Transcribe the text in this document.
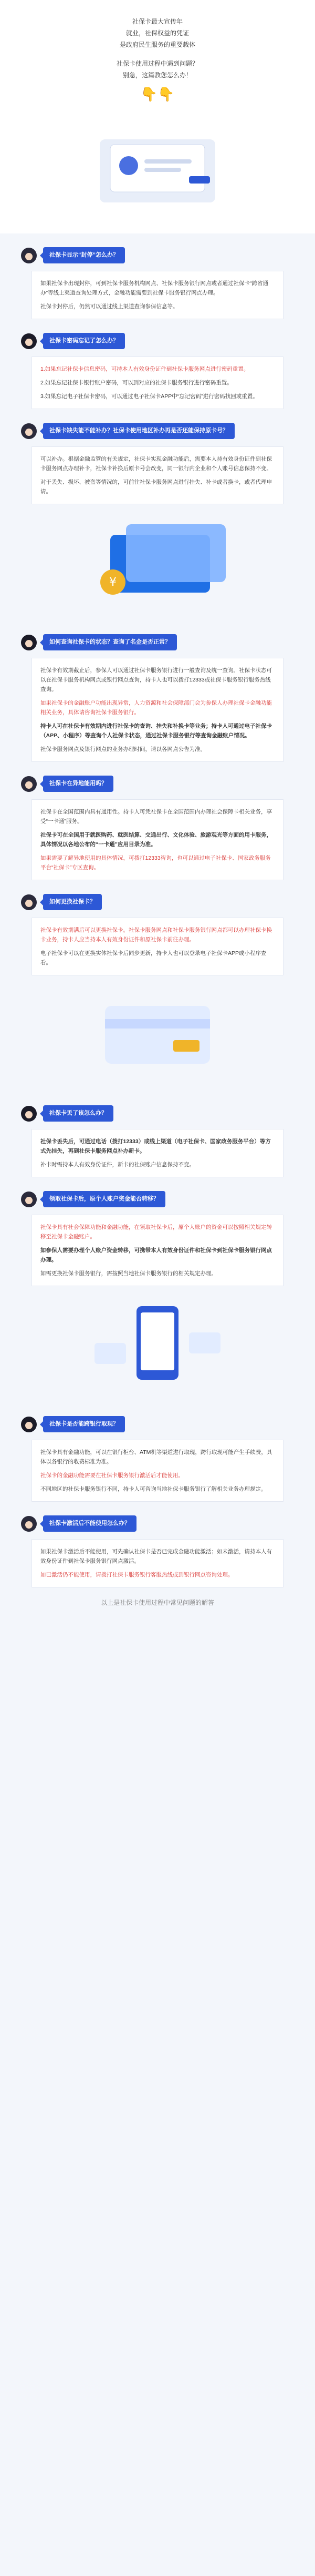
社保卡最大宣传年

就业，社保权益的凭证

是政府民生服务的重要载体

社保卡使用过程中遇到问题？

别急，这篇教您怎么办！

👇👇
社保卡显示“封停”怎么办？

如果社保卡出现封停，可到社保卡服务机构网点、社保卡服务银行网点或者通过社保卡“跨省通办”等线上渠道查询处理方式，金融功能需要到社保卡服务银行网点办理。

社保卡封停后，仍然可以通过线上渠道查询参保信息等。

社保卡密码忘记了怎么办？

1.如果忘记社保卡信息密码，可持本人有效身份证件到社保卡服务网点进行密码重置。

2.如果忘记社保卡银行账户密码，可以到对应的社保卡服务银行进行密码重置。

3.如果忘记电子社保卡密码，可以通过电子社保卡APP中“忘记密码”进行密码找回或重置。

社保卡缺失能不能补办？社保卡使用地区补办再是否还能保持原卡号？

可以补办。根据金融监管的有关规定，社保卡实现金融功能后，需要本人持有效身份证件到社保卡服务网点办理补卡，社保卡补换后原卡号会改变，同一银行内企业和个人账号信息保持不变。

对于丢失、损坏、被盗等情况的，可前往社保卡服务网点进行挂失、补卡或者换卡，或者代理申请。

¥
如何查询社保卡的状态？查询了名金是否正常？

社保卡有效期截止后，参保人可以通过社保卡服务银行进行一般查询及统一查询。社保卡状态可以在社保卡服务机构网点或银行网点查询，持卡人也可以拨打12333或社保卡服务银行服务热线查询。

如果社保卡的金融账户功能出现异常，人力资源和社会保障部门会为参保人办理社保卡金融功能相关业务，具体请咨询社保卡服务银行。

持卡人可在社保卡有效期内进行社保卡的查询、挂失和补换卡等业务；持卡人可通过电子社保卡（APP、小程序）等查询个人社保卡状态，通过社保卡服务银行等查询金融账户情况。

社保卡服务网点及银行网点的业务办理时间，请以各网点公告为准。

社保卡在异地能用吗？

社保卡在全国范围内具有通用性。持卡人可凭社保卡在全国范围内办理社会保障卡相关业务，享受“一卡通”服务。

社保卡可在全国用于就医购药、就医结算、交通出行、文化体验、旅游观光等方面的用卡服务，具体情况以各地公布的“一卡通”应用目录为准。

如果需要了解异地使用的具体情况，可拨打12333咨询，也可以通过电子社保卡、国家政务服务平台“社保卡”专区查询。

如何更换社保卡？

社保卡有效期满后可以更换社保卡。社保卡服务网点和社保卡服务银行网点都可以办理社保卡换卡业务，持卡人应当持本人有效身份证件和原社保卡前往办理。

电子社保卡可以在更换实体社保卡后同步更新，持卡人也可以登录电子社保卡APP或小程序查看。

社保卡丢了该怎么办？

社保卡丢失后，可通过电话（拨打12333）或线上渠道（电子社保卡、国家政务服务平台）等方式先挂失，再到社保卡服务网点补办新卡。

补卡时需持本人有效身份证件，新卡的社保账户信息保持不变。

领取社保卡后，原个人账户资金能否转移？

社保卡具有社会保障功能和金融功能，在领取社保卡后，原个人账户的资金可以按照相关规定转移至社保卡金融账户。

如参保人需要办理个人账户资金转移，可携带本人有效身份证件和社保卡到社保卡服务银行网点办理。

如需更换社保卡服务银行，需按照当地社保卡服务银行的相关规定办理。

社保卡是否能跨银行取现？

社保卡具有金融功能，可以在银行柜台、ATM机等渠道进行取现，跨行取现可能产生手续费，具体以各银行的收费标准为准。

社保卡的金融功能需要在社保卡服务银行激活后才能使用。

不同地区的社保卡服务银行不同，持卡人可咨询当地社保卡服务银行了解相关业务办理规定。

社保卡激活后不能使用怎么办？

如果社保卡激活后不能使用，可先确认社保卡是否已完成金融功能激活；如未激活，请持本人有效身份证件到社保卡服务银行网点激活。

如已激活仍不能使用，请拨打社保卡服务银行客服热线或到银行网点咨询处理。

以上是社保卡使用过程中常见问题的解答
